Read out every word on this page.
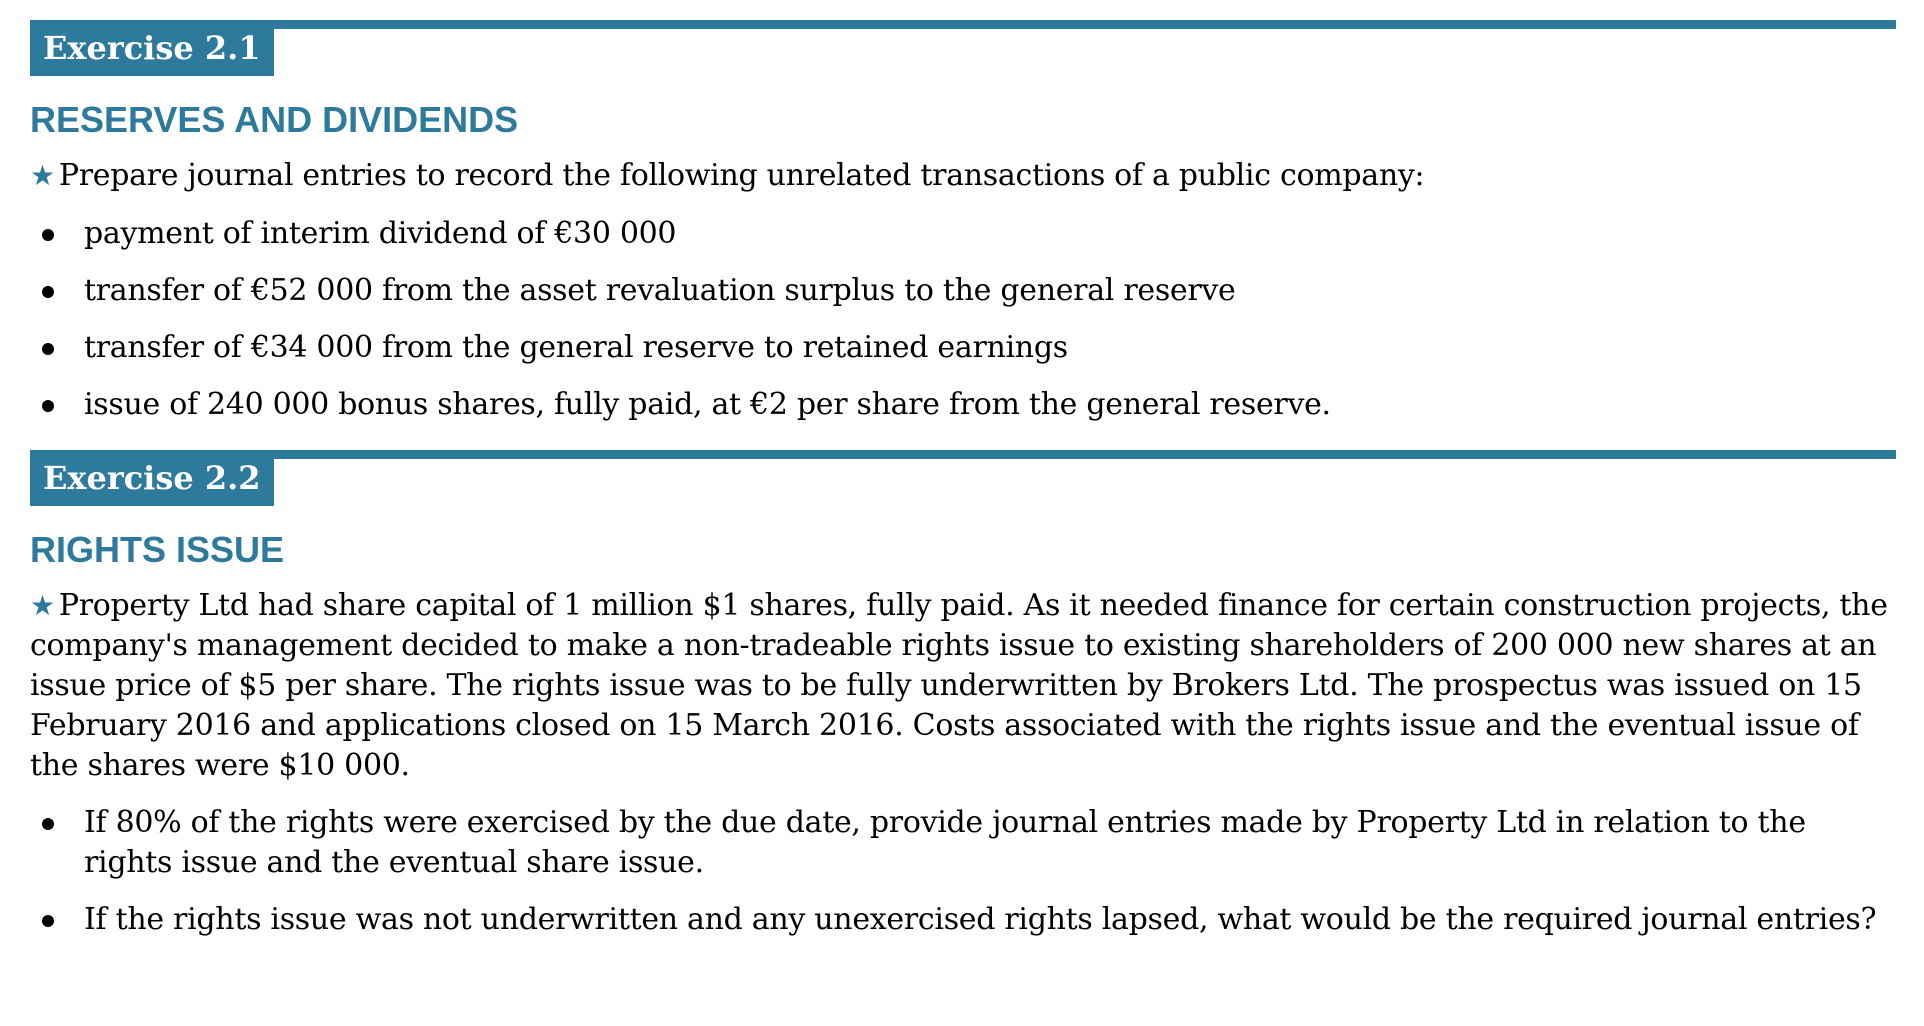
Exercise 2.1
RESERVES AND DIVIDENDS

★ Prepare journal entries to record the following unrelated transactions of a public company:

payment of interim dividend of €30 000
transfer of €52 000 from the asset revaluation surplus to the general reserve
transfer of €34 000 from the general reserve to retained earnings
issue of 240 000 bonus shares, fully paid, at €2 per share from the general reserve.
Exercise 2.2
RIGHTS ISSUE

★ Property Ltd had share capital of 1 million $1 shares, fully paid. As it needed finance for certain construction projects, the company's management decided to make a non-tradeable rights issue to existing shareholders of 200 000 new shares at an issue price of $5 per share. The rights issue was to be fully underwritten by Brokers Ltd. The prospectus was issued on 15 February 2016 and applications closed on 15 March 2016. Costs associated with the rights issue and the eventual issue of the shares were $10 000.

If 80% of the rights were exercised by the due date, provide journal entries made by Property Ltd in relation to the rights issue and the eventual share issue.
If the rights issue was not underwritten and any unexercised rights lapsed, what would be the required journal entries?
